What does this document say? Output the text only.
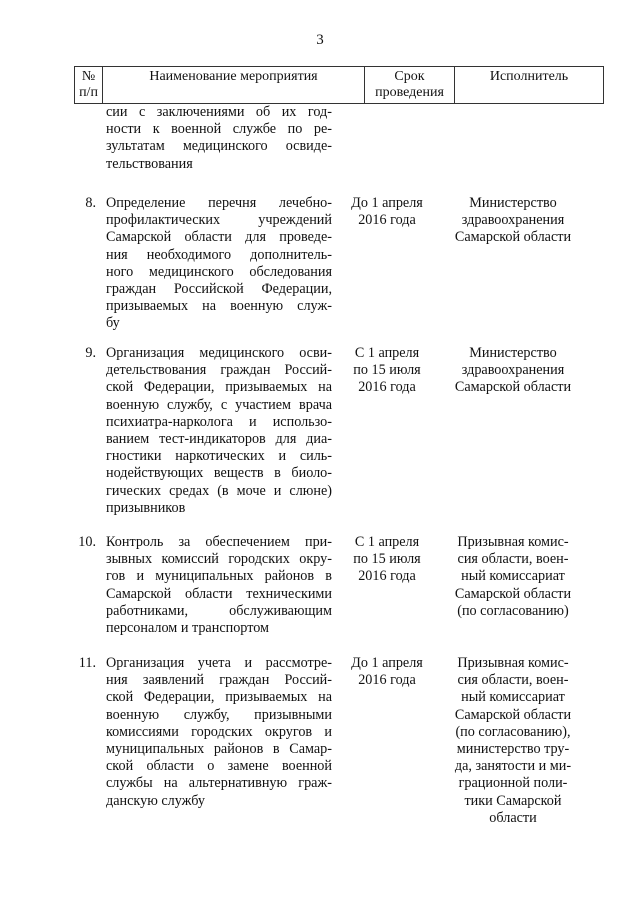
3
№
п/п
Наименование мероприятия	Срок
проведения
Исполнитель
сии с заключениями об их год-
ности к военной службе по ре-
зультатам медицинского освиде-
тельствования
8. Определение перечня лечебно-
профилактических учреждений
Самарской области для проведе-
ния необходимого дополнитель-
ного медицинского обследования
граждан Российской Федерации,
призываемых на военную служ-
бу
До 1 апреля
2016 года
Министерство
здравоохранения
Самарской области
9. Организация медицинского осви-
детельствования граждан Россий-
ской Федерации, призываемых на
военную службу, с участием врача
психиатра-нарколога и использо-
ванием тест-индикаторов для диа-
гностики наркотических и силь-
нодействующих веществ в биоло-
гических средах (в моче и слюне)
призывников
С 1 апреля
по 15 июля
2016 года
Министерство
здравоохранения
Самарской области
10. Контроль за обеспечением при-
зывных комиссий городских окру-
гов и муниципальных районов в
Самарской области техническими
работниками, обслуживающим
персоналом и транспортом
С 1 апреля
по 15 июля
2016 года
Призывная комис-
сия области, воен-
ный комиссариат
Самарской области
(по согласованию)
11. Организация учета и рассмотре-
ния заявлений граждан Россий-
ской Федерации, призываемых на
военную службу, призывными
комиссиями городских округов и
муниципальных районов в Самар-
ской области о замене военной
службы на альтернативную граж-
данскую службу
До 1 апреля
2016 года
Призывная комис-
сия области, воен-
ный комиссариат
Самарской области
(по согласованию),
министерство тру-
да, занятости и ми-
грационной поли-
тики Самарской
области
